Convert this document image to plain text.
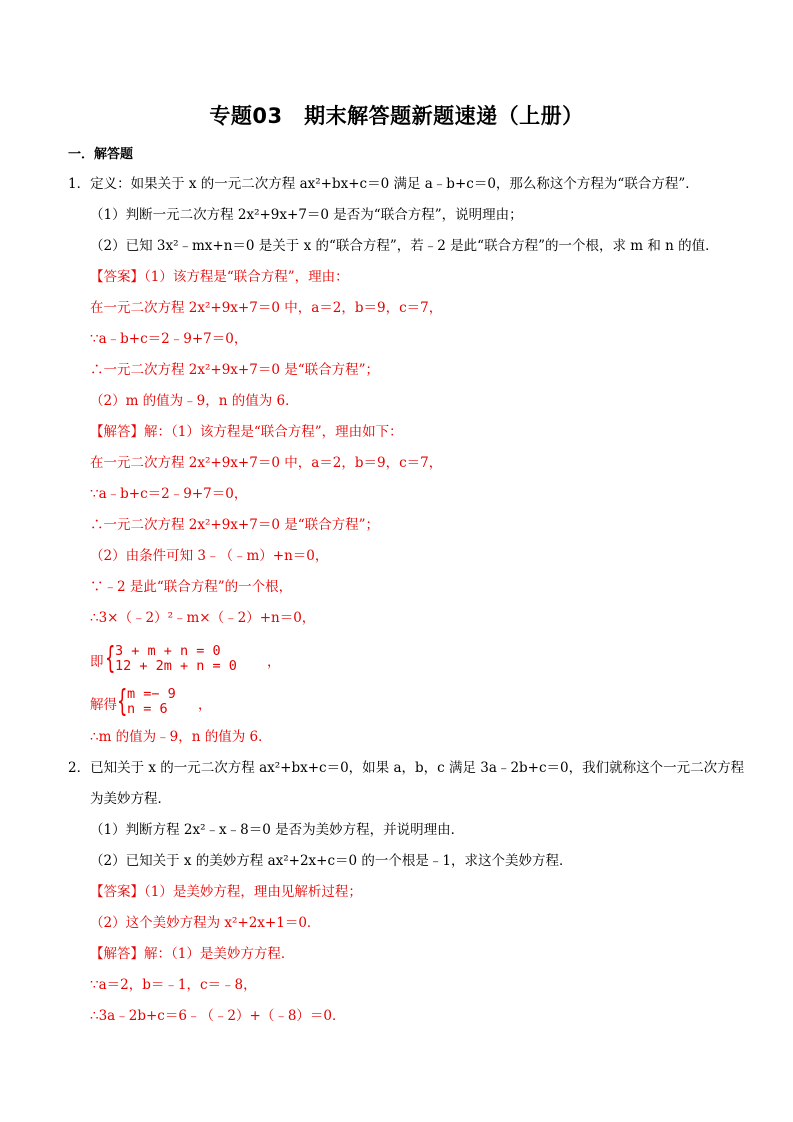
专题03　期末解答题新题速递（上册）
一．解答题
1．定义：如果关于 x 的一元二次方程 ax²+bx+c＝0 满足 a﹣b+c＝0，那么称这个方程为“联合方程”．
（1）判断一元二次方程 2x²+9x+7＝0 是否为“联合方程”，说明理由；
（2）已知 3x²﹣mx+n＝0 是关于 x 的“联合方程”，若﹣2 是此“联合方程”的一个根，求 m 和 n 的值．
【答案】（1）该方程是“联合方程”，理由：
在一元二次方程 2x²+9x+7＝0 中，a＝2，b＝9，c＝7，
∵a﹣b+c＝2﹣9+7＝0，
∴一元二次方程 2x²+9x+7＝0 是“联合方程”；
（2）m 的值为﹣9，n 的值为 6．
【解答】解：（1）该方程是“联合方程”，理由如下：
在一元二次方程 2x²+9x+7＝0 中，a＝2，b＝9，c＝7，
∵a﹣b+c＝2﹣9+7＝0，
∴一元二次方程 2x²+9x+7＝0 是“联合方程”；
（2）由条件可知 3﹣（﹣m）+n＝0，
∵﹣2 是此“联合方程”的一个根，
∴3×（﹣2）²﹣m×（﹣2）+n＝0，
即 { 3 + m + n = 0
12 + 2m + n = 0 ，
解得 { m =− 9
n = 6 ，
∴m 的值为﹣9，n 的值为 6．
2．已知关于 x 的一元二次方程 ax²+bx+c＝0，如果 a，b，c 满足 3a﹣2b+c＝0，我们就称这个一元二次方程
为美妙方程．
（1）判断方程 2x²﹣x﹣8＝0 是否为美妙方程，并说明理由．
（2）已知关于 x 的美妙方程 ax²+2x+c＝0 的一个根是﹣1，求这个美妙方程．
【答案】（1）是美妙方程，理由见解析过程；
（2）这个美妙方程为 x²+2x+1＝0．
【解答】解：（1）是美妙方方程．
∵a＝2，b＝﹣1，c＝﹣8，
∴3a﹣2b+c＝6﹣（﹣2）+（﹣8）＝0．
